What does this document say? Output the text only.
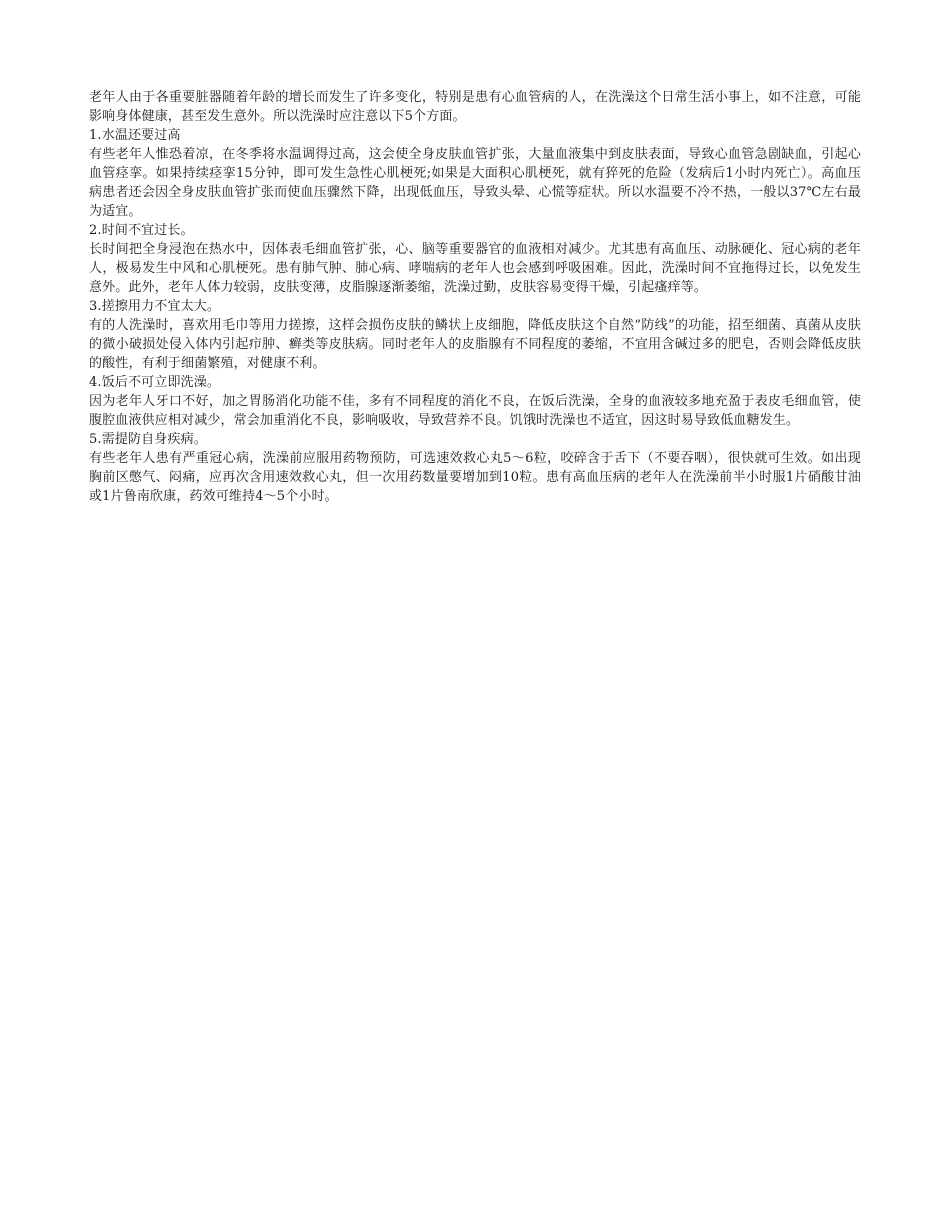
老年人由于各重要脏器随着年龄的增长而发生了许多变化，特别是患有心血管病的人，在洗澡这个日常生活小事上，如不注意，可能影响身体健康，甚至发生意外。所以洗澡时应注意以下5个方面。

1.水温还要过高

有些老年人惟恐着凉，在冬季将水温调得过高，这会使全身皮肤血管扩张，大量血液集中到皮肤表面，导致心血管急剧缺血，引起心血管痉挛。如果持续痉挛15分钟，即可发生急性心肌梗死;如果是大面积心肌梗死，就有猝死的危险（发病后1小时内死亡）。高血压病患者还会因全身皮肤血管扩张而使血压骤然下降，出现低血压，导致头晕、心慌等症状。所以水温要不冷不热，一般以37℃左右最为适宜。

2.时间不宜过长。

长时间把全身浸泡在热水中，因体表毛细血管扩张，心、脑等重要器官的血液相对减少。尤其患有高血压、动脉硬化、冠心病的老年人，极易发生中风和心肌梗死。患有肺气肿、肺心病、哮喘病的老年人也会感到呼吸困难。因此，洗澡时间不宜拖得过长，以免发生意外。此外，老年人体力较弱，皮肤变薄，皮脂腺逐渐萎缩，洗澡过勤，皮肤容易变得干燥，引起瘙痒等。

3.搓擦用力不宜太大。

有的人洗澡时，喜欢用毛巾等用力搓擦，这样会损伤皮肤的鳞状上皮细胞，降低皮肤这个自然“防线”的功能，招至细菌、真菌从皮肤的微小破损处侵入体内引起疖肿、癣类等皮肤病。同时老年人的皮脂腺有不同程度的萎缩，不宜用含碱过多的肥皂，否则会降低皮肤的酸性，有利于细菌繁殖，对健康不利。

4.饭后不可立即洗澡。

因为老年人牙口不好，加之胃肠消化功能不佳，多有不同程度的消化不良，在饭后洗澡，全身的血液较多地充盈于表皮毛细血管，使腹腔血液供应相对减少，常会加重消化不良，影响吸收，导致营养不良。饥饿时洗澡也不适宜，因这时易导致低血糖发生。

5.需提防自身疾病。

有些老年人患有严重冠心病，洗澡前应服用药物预防，可选速效救心丸5～6粒，咬碎含于舌下（不要吞咽），很快就可生效。如出现胸前区憋气、闷痛，应再次含用速效救心丸，但一次用药数量要增加到10粒。患有高血压病的老年人在洗澡前半小时服1片硝酸甘油或1片鲁南欣康，药效可维持4～5个小时。
